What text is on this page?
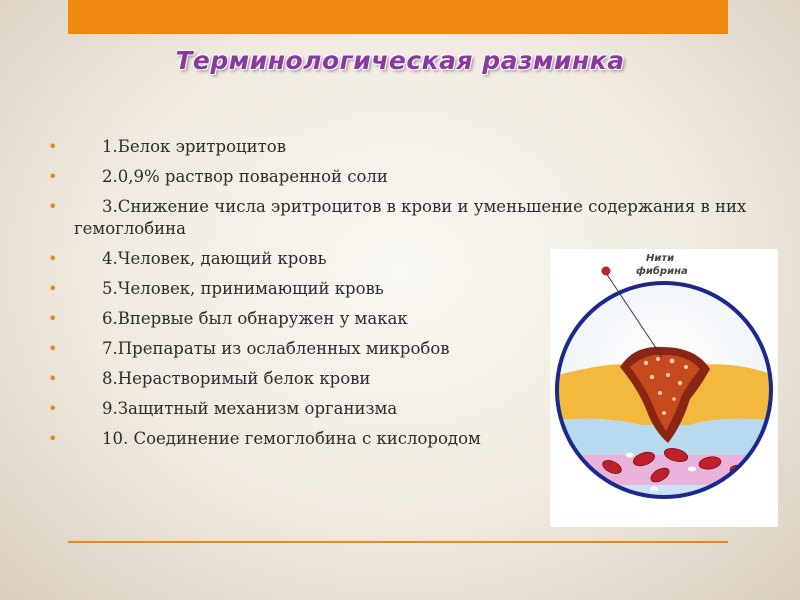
Терминологическая разминка
•	1.Белок эритроцитов
•	2.0,9% раствор поваренной соли
•	3.Снижение числа эритроцитов в крови и уменьшение содержания в них гемоглобина
•	4.Человек, дающий кровь
•	5.Человек, принимающий кровь
•	6.Впервые был обнаружен у макак
•	7.Препараты из ослабленных микробов
•	8.Нерастворимый белок крови
•	9.Защитный механизм организма
•	10. Соединение гемоглобина с кислородом
Нити
фибрина
